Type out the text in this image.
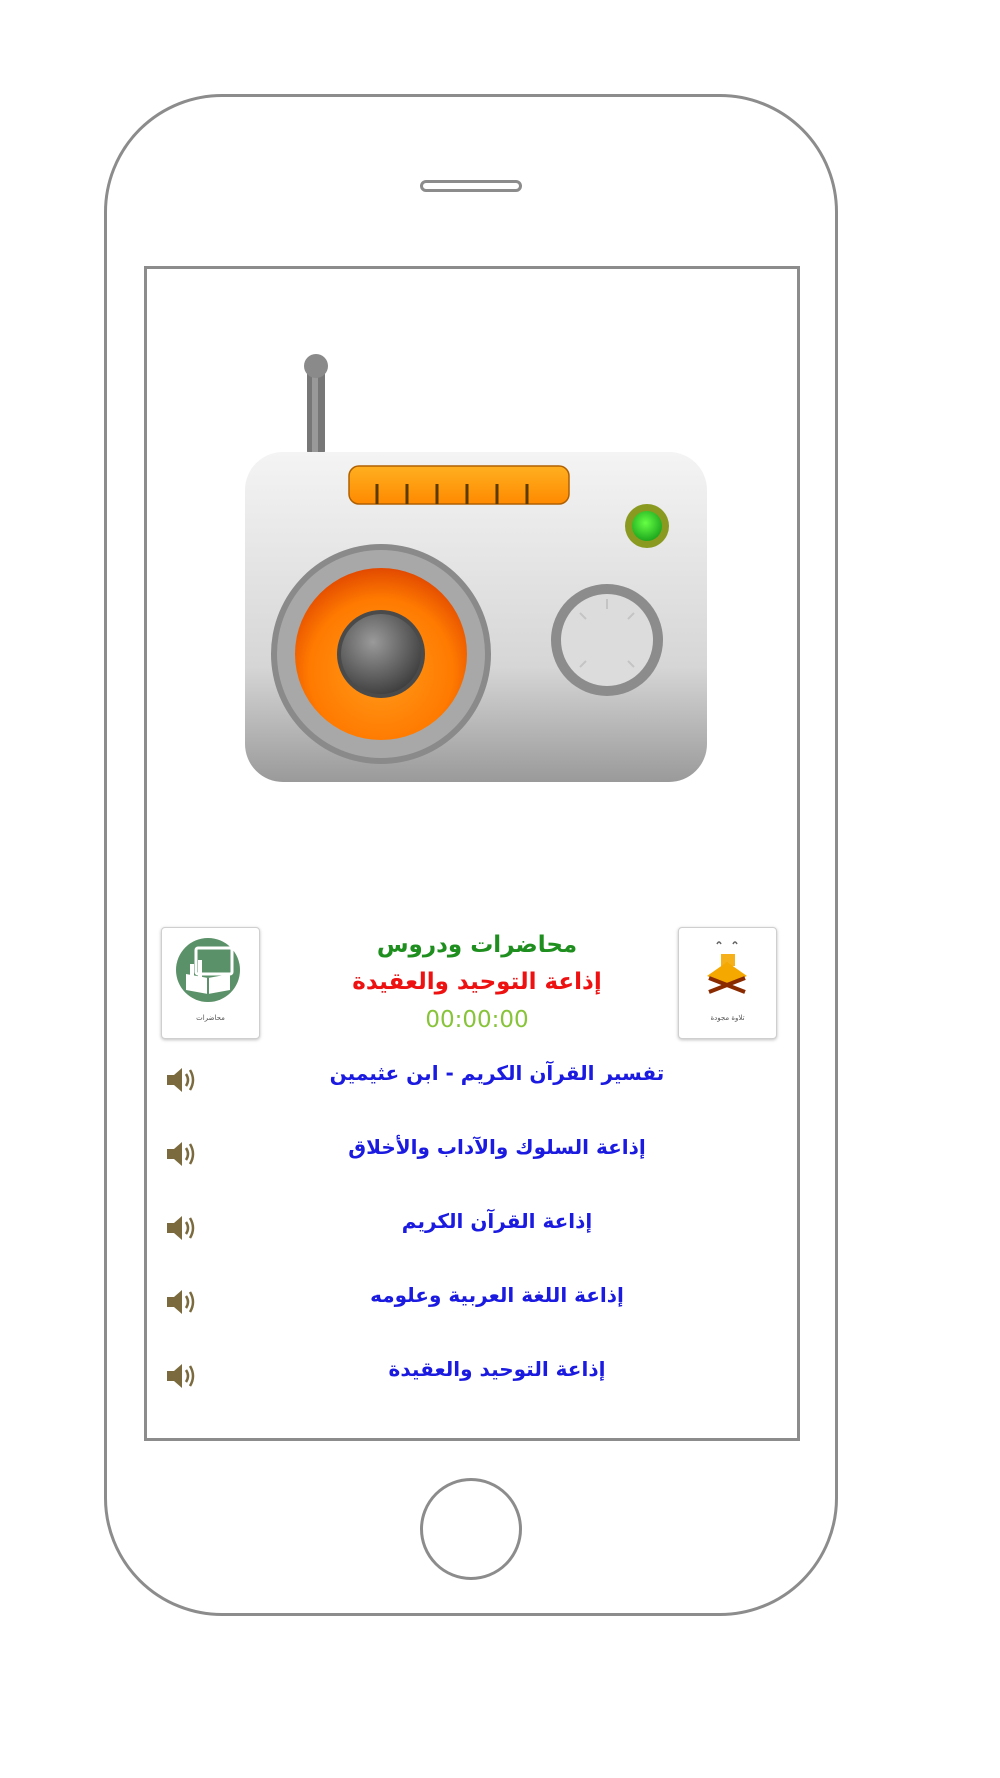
محاضرات
محاضرات ودروس
إذاعة التوحيد والعقيدة
00:00:00	تلاوة مجودة
تفسير القرآن الكريم - ابن عثيمين
إذاعة السلوك والآداب والأخلاق
إذاعة القرآن الكريم
إذاعة اللغة العربية وعلومه
إذاعة التوحيد والعقيدة
